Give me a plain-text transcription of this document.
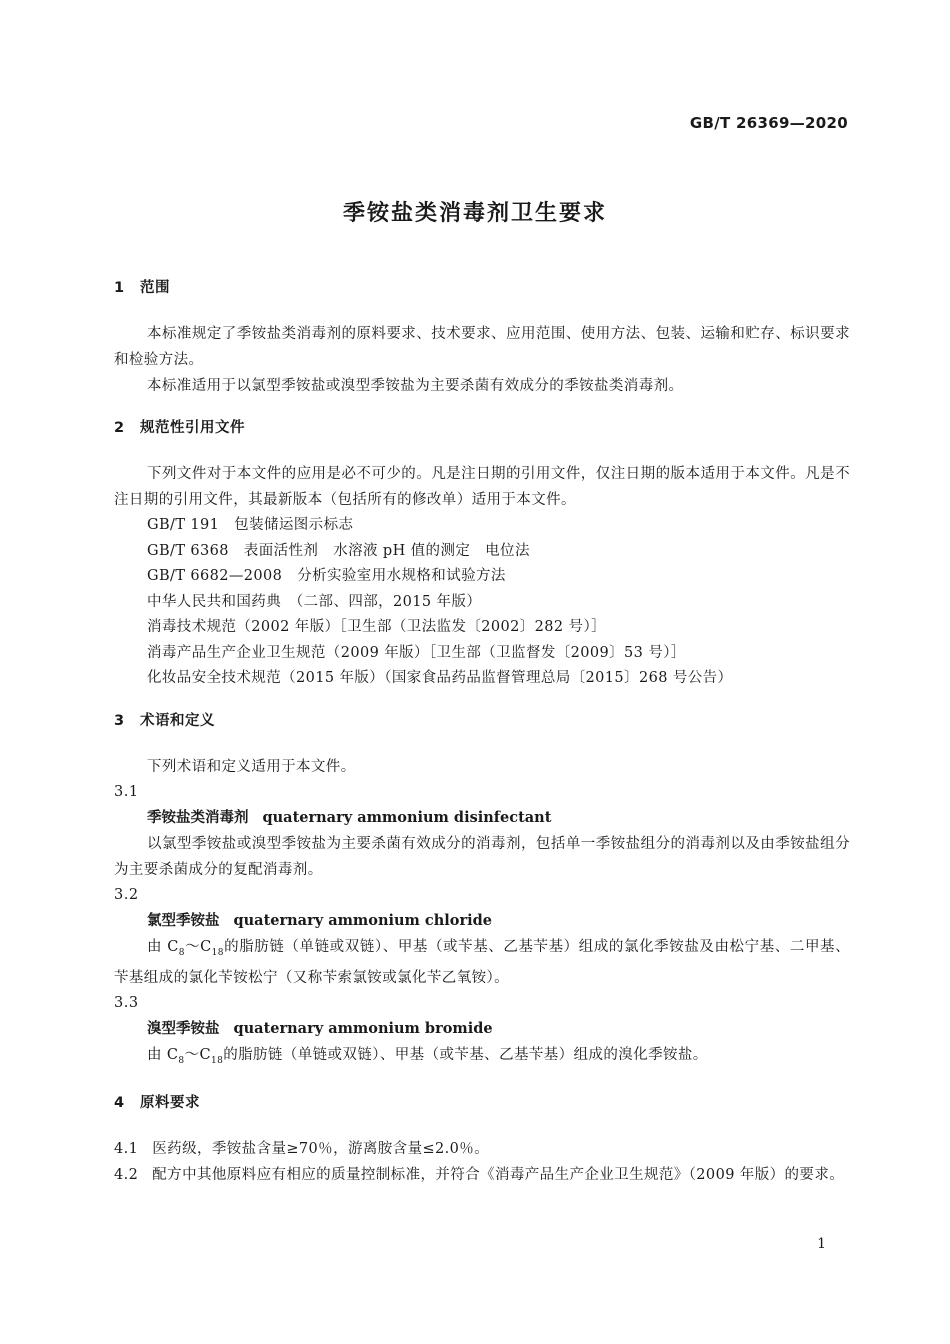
GB/T 26369—2020
季铵盐类消毒剂卫生要求
1 范围
本标准规定了季铵盐类消毒剂的原料要求、技术要求、应用范围、使用方法、包装、运输和贮存、标识要求和检验方法。
本标准适用于以氯型季铵盐或溴型季铵盐为主要杀菌有效成分的季铵盐类消毒剂。
2 规范性引用文件
下列文件对于本文件的应用是必不可少的。凡是注日期的引用文件，仅注日期的版本适用于本文件。凡是不注日期的引用文件，其最新版本（包括所有的修改单）适用于本文件。
GB/T 191　包装储运图示标志
GB/T 6368　表面活性剂　水溶液 pH 值的测定　电位法
GB/T 6682—2008　分析实验室用水规格和试验方法
中华人民共和国药典　（二部、四部，2015 年版）
消毒技术规范（2002 年版）［卫生部（卫法监发〔2002〕282 号）］
消毒产品生产企业卫生规范（2009 年版）［卫生部（卫监督发〔2009〕53 号）］
化妆品安全技术规范（2015 年版）（国家食品药品监督管理总局〔2015〕268 号公告）
3 术语和定义
下列术语和定义适用于本文件。
3.1
季铵盐类消毒剂 quaternary ammonium disinfectant
以氯型季铵盐或溴型季铵盐为主要杀菌有效成分的消毒剂，包括单一季铵盐组分的消毒剂以及由季铵盐组分为主要杀菌成分的复配消毒剂。
3.2
氯型季铵盐 quaternary ammonium chloride
由 $C_8\sim C_{18}$的脂肪链（单链或双链）、甲基（或苄基、乙基苄基）组成的氯化季铵盐及由松宁基、二甲基、苄基组成的氯化苄铵松宁（又称苄索氯铵或氯化苄乙氧铵）。
3.3
溴型季铵盐 quaternary ammonium bromide
由 $C_8\sim C_{18}$的脂肪链（单链或双链）、甲基（或苄基、乙基苄基）组成的溴化季铵盐。
4 原料要求
4.1 医药级，季铵盐含量≥70％，游离胺含量≤2.0％。
4.2 配方中其他原料应有相应的质量控制标准，并符合《消毒产品生产企业卫生规范》（2009 年版）的要求。
1
